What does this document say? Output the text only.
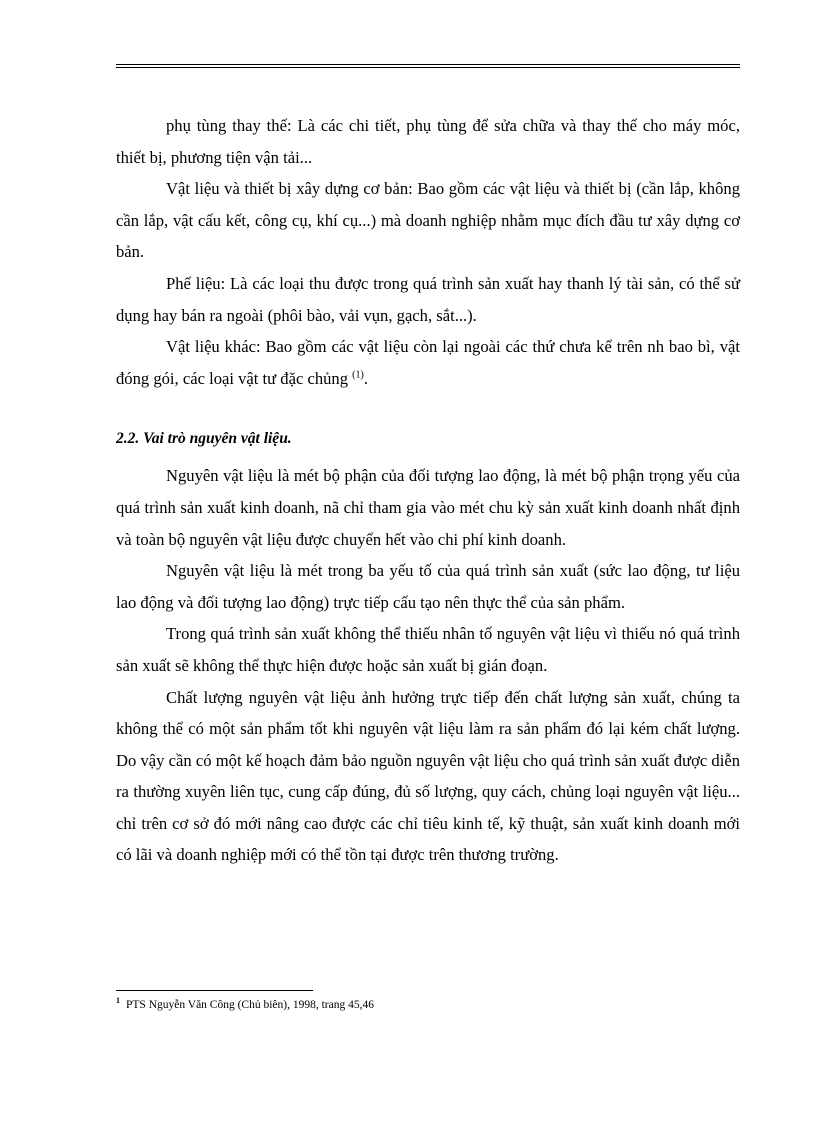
phụ tùng thay thế: Là các chi tiết, phụ tùng để sửa chữa và thay thế cho máy móc, thiết bị, phương tiện vận tải...

Vật liệu và thiết bị xây dựng cơ bản: Bao gồm các vật liệu và thiết bị (cần lắp, không cần lắp, vật cấu kết, công cụ, khí cụ...) mà doanh nghiệp nhằm mục đích đầu tư xây dựng cơ bản.

Phế liệu: Là các loại thu được trong quá trình sản xuất hay thanh lý tài sản, có thể sử dụng hay bán ra ngoài (phôi bào, vải vụn, gạch, sắt...).

Vật liệu khác: Bao gồm các vật liệu còn lại ngoài các thứ chưa kể trên nh bao bì, vật đóng gói, các loại vật tư đặc chủng $^{(1)}$.

2.2. Vai trò nguyên vật liệu.

Nguyên vật liệu là mét bộ phận của đối tượng lao động, là mét bộ phận trọng yếu của quá trình sản xuất kinh doanh, nã chỉ tham gia vào mét chu kỳ sản xuất kinh doanh nhất định và toàn bộ nguyên vật liệu được chuyển hết vào chi phí kinh doanh.

Nguyên vật liệu là mét trong ba yếu tố của quá trình sản xuất (sức lao động, tư liệu lao động và đối tượng lao động) trực tiếp cấu tạo nên thực thể của sản phẩm.

Trong quá trình sản xuất không thể thiếu nhân tố nguyên vật liệu vì thiếu nó quá trình sản xuất sẽ không thể thực hiện được hoặc sản xuất bị gián đoạn.

Chất lượng nguyên vật liệu ảnh hưởng trực tiếp đến chất lượng sản xuất, chúng ta không thể có một sản phẩm tốt khi nguyên vật liệu làm ra sản phẩm đó lại kém chất lượng. Do vậy cần có một kế hoạch đảm bảo nguồn nguyên vật liệu cho quá trình sản xuất được diễn ra thường xuyên liên tục, cung cấp đúng, đủ số lượng, quy cách, chủng loại nguyên vật liệu... chỉ trên cơ sở đó mới nâng cao được các chỉ tiêu kinh tế, kỹ thuật, sản xuất kinh doanh mới có lãi và doanh nghiệp mới có thể tồn tại được trên thương trường.

$^1$ PTS Nguyễn Văn Công (Chủ biên), 1998, trang 45,46
